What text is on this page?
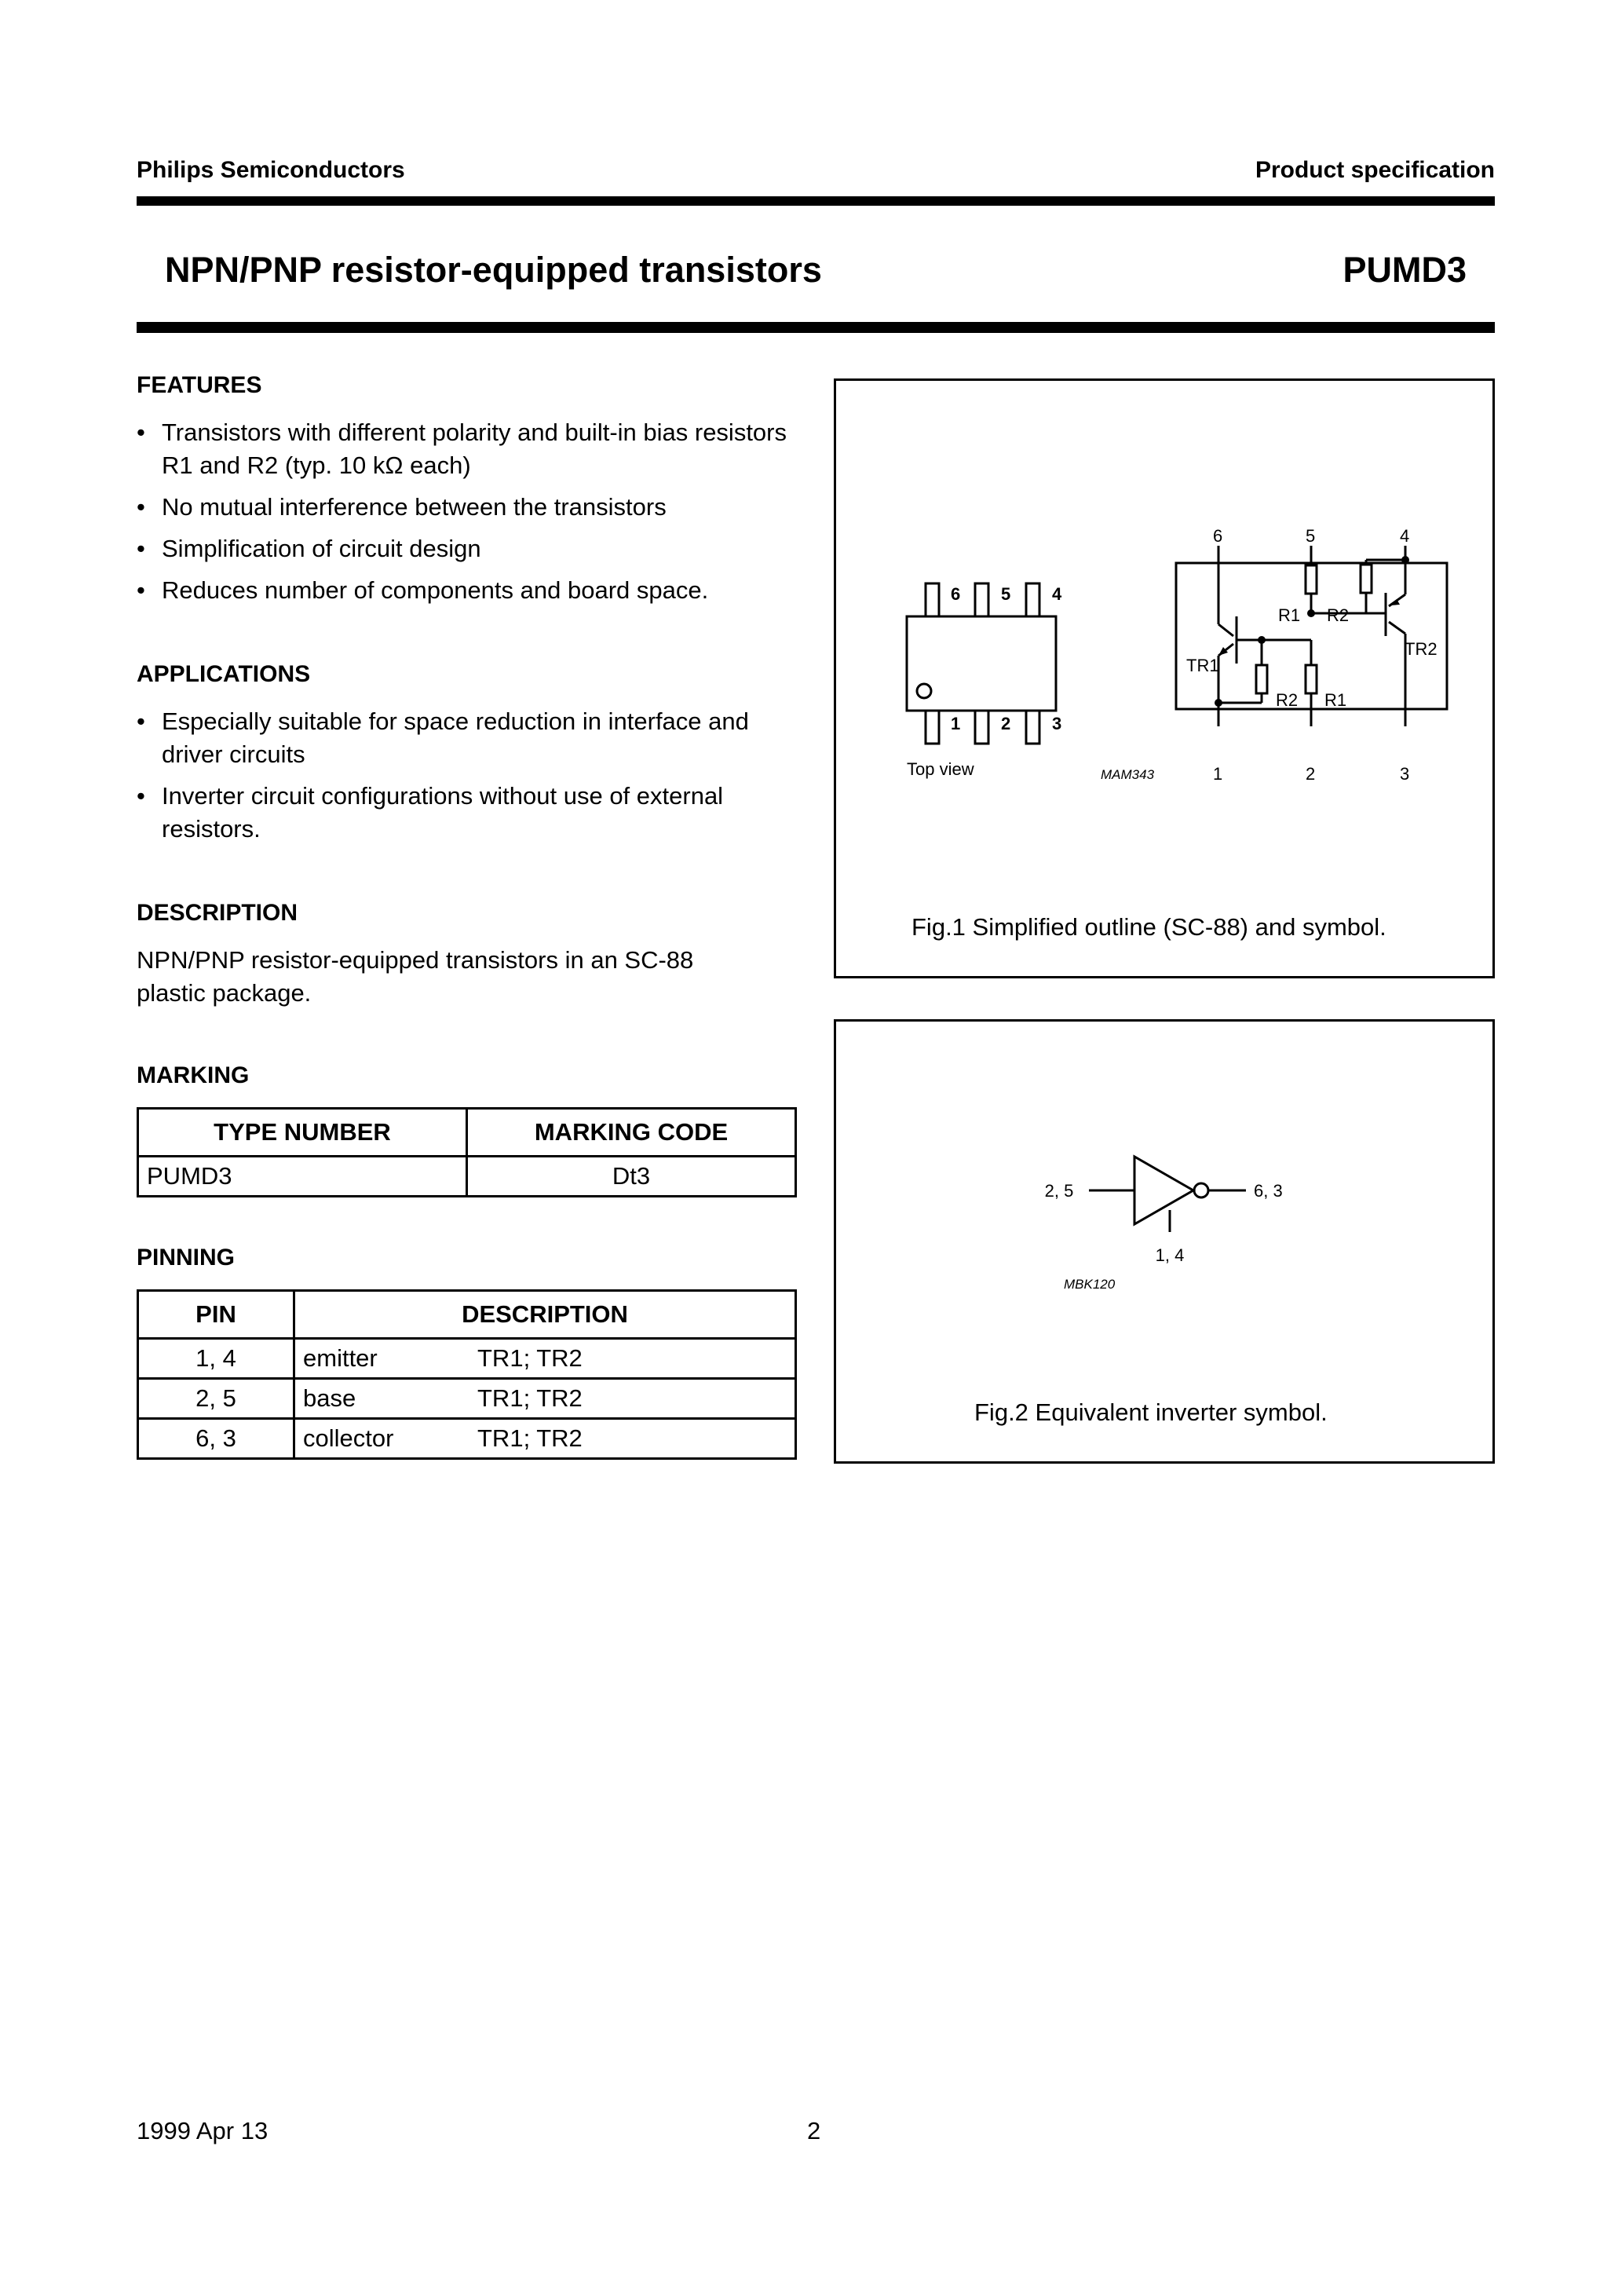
Philips Semiconductors	Product specification
NPN/PNP resistor-equipped transistors	PUMD3
FEATURES
• Transistors with different polarity and built-in bias resistors R1 and R2 (typ. 10 kΩ each)
• No mutual interference between the transistors
• Simplification of circuit design
• Reduces number of components and board space.
APPLICATIONS
• Especially suitable for space reduction in interface and driver circuits
• Inverter circuit configurations without use of external resistors.
DESCRIPTION
NPN/PNP resistor-equipped transistors in an SC-88 plastic package.
MARKING
TYPE NUMBER	MARKING CODE
PUMD3	Dt3
PINNING
PIN	DESCRIPTION
1, 4	emitter TR1; TR2
2, 5	base TR1; TR2
6, 3	collector TR1; TR2
6 5 4
1 2 3
Top view
6	5	4
1	2	3
R1 R2
R2 R1
TR1
TR2
MAM343
Fig.1 Simplified outline (SC-88) and symbol.
2, 5	6, 3
1, 4
MBK120
Fig.2 Equivalent inverter symbol.
1999 Apr 13	2
